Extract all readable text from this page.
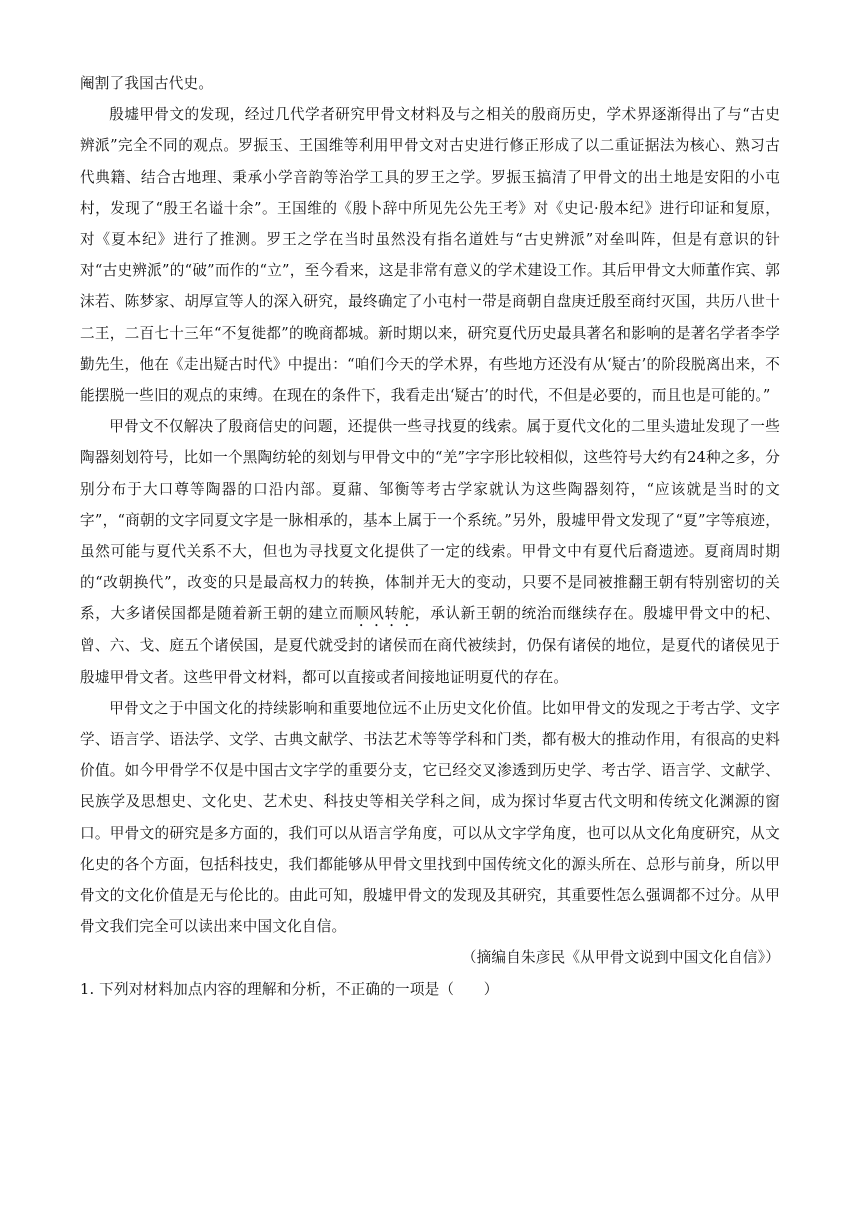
阉割了我国古代史。

殷墟甲骨文的发现，经过几代学者研究甲骨文材料及与之相关的殷商历史，学术界逐渐得出了与“古史辨派”完全不同的观点。罗振玉、王国维等利用甲骨文对古史进行修正形成了以二重证据法为核心、熟习古代典籍、结合古地理、秉承小学音韵等治学工具的罗王之学。罗振玉搞清了甲骨文的出土地是安阳的小屯村，发现了“殷王名谥十余”。王国维的《殷卜辞中所见先公先王考》对《史记·殷本纪》进行印证和复原，对《夏本纪》进行了推测。罗王之学在当时虽然没有指名道姓与“古史辨派”对垒叫阵，但是有意识的针对“古史辨派”的“破”而作的“立”，至今看来，这是非常有意义的学术建设工作。其后甲骨文大师董作宾、郭沫若、陈梦家、胡厚宣等人的深入研究，最终确定了小屯村一带是商朝自盘庚迁殷至商纣灭国，共历八世十二王，二百七十三年“不复徙都”的晚商都城。新时期以来，研究夏代历史最具著名和影响的是著名学者李学勤先生，他在《走出疑古时代》中提出：“咱们今天的学术界，有些地方还没有从‘疑古’的阶段脱离出来，不能摆脱一些旧的观点的束缚。在现在的条件下，我看走出‘疑古’的时代，不但是必要的，而且也是可能的。”

甲骨文不仅解决了殷商信史的问题，还提供一些寻找夏的线索。属于夏代文化的二里头遗址发现了一些陶器刻划符号，比如一个黑陶纺轮的刻划与甲骨文中的“羌”字字形比较相似，这些符号大约有24种之多，分别分布于大口尊等陶器的口沿内部。夏鼐、邹衡等考古学家就认为这些陶器刻符，“应该就是当时的文字”，“商朝的文字同夏文字是一脉相承的，基本上属于一个系统。”另外，殷墟甲骨文发现了“夏”字等痕迹，虽然可能与夏代关系不大，但也为寻找夏文化提供了一定的线索。甲骨文中有夏代后裔遗迹。夏商周时期的“改朝换代”，改变的只是最高权力的转换，体制并无大的变动，只要不是同被推翻王朝有特别密切的关系，大多诸侯国都是随着新王朝的建立而顺风转舵，承认新王朝的统治而继续存在。殷墟甲骨文中的杞、曾、六、戈、庭五个诸侯国，是夏代就受封的诸侯而在商代被续封，仍保有诸侯的地位，是夏代的诸侯见于殷墟甲骨文者。这些甲骨文材料，都可以直接或者间接地证明夏代的存在。

甲骨文之于中国文化的持续影响和重要地位远不止历史文化价值。比如甲骨文的发现之于考古学、文字学、语言学、语法学、文学、古典文献学、书法艺术等等学科和门类，都有极大的推动作用，有很高的史料价值。如今甲骨学不仅是中国古文字学的重要分支，它已经交叉渗透到历史学、考古学、语言学、文献学、民族学及思想史、文化史、艺术史、科技史等相关学科之间，成为探讨华夏古代文明和传统文化渊源的窗口。甲骨文的研究是多方面的，我们可以从语言学角度，可以从文字学角度，也可以从文化角度研究，从文化史的各个方面，包括科技史，我们都能够从甲骨文里找到中国传统文化的源头所在、总形与前身，所以甲骨文的文化价值是无与伦比的。由此可知，殷墟甲骨文的发现及其研究，其重要性怎么强调都不过分。从甲骨文我们完全可以读出来中国文化自信。

（摘编自朱彦民《从甲骨文说到中国文化自信》）

1. 下列对材料加点内容的理解和分析，不正确的一项是（　　）
